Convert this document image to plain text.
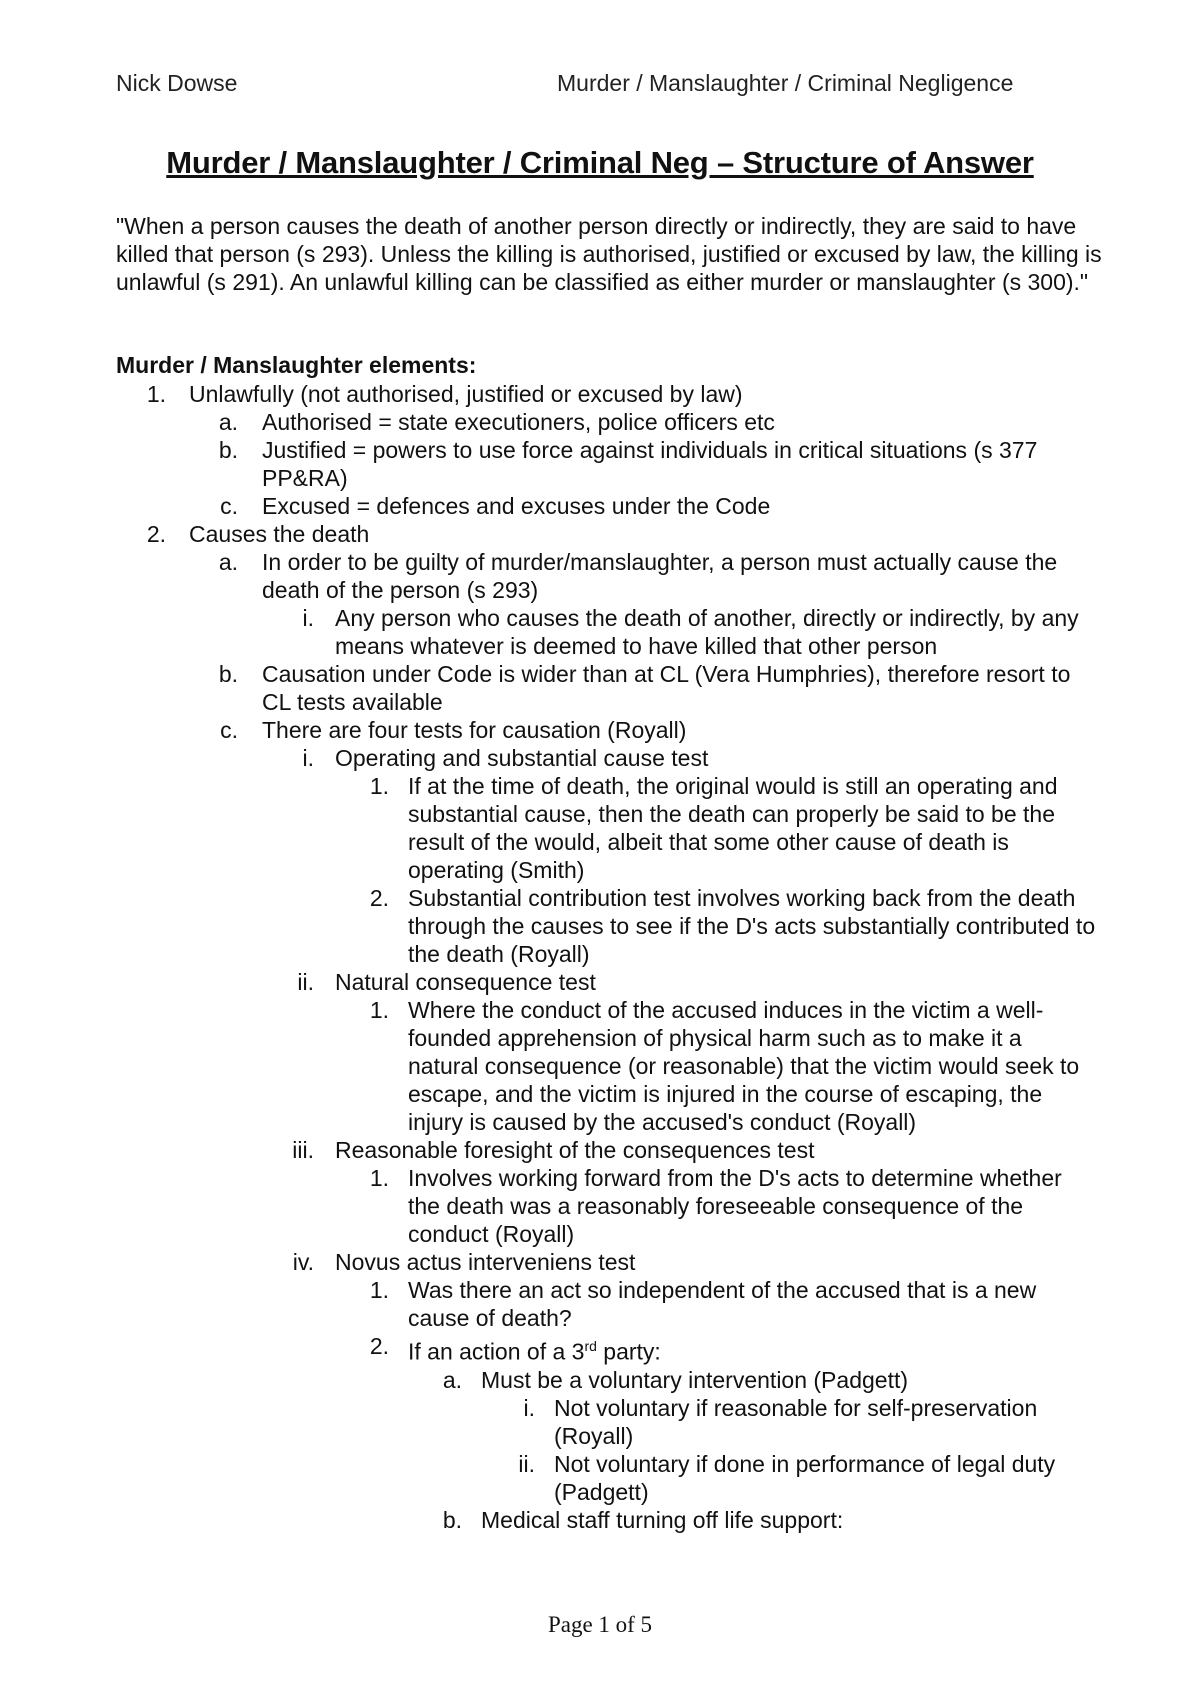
Nick Dowse	Murder / Manslaughter / Criminal Negligence
Murder / Manslaughter / Criminal Neg – Structure of Answer
"When a person causes the death of another person directly or indirectly, they are said to have killed that person (s 293). Unless the killing is authorised, justified or excused by law, the killing is unlawful (s 291). An unlawful killing can be classified as either murder or manslaughter (s 300)."
Murder / Manslaughter elements:
1. Unlawfully (not authorised, justified or excused by law)
a. Authorised = state executioners, police officers etc
b. Justified = powers to use force against individuals in critical situations (s 377 PP&RA)
c. Excused = defences and excuses under the Code
2. Causes the death
a. In order to be guilty of murder/manslaughter, a person must actually cause the death of the person (s 293)
i. Any person who causes the death of another, directly or indirectly, by any means whatever is deemed to have killed that other person
b. Causation under Code is wider than at CL (Vera Humphries), therefore resort to CL tests available
c. There are four tests for causation (Royall)
i. Operating and substantial cause test
1. If at the time of death, the original would is still an operating and substantial cause, then the death can properly be said to be the result of the would, albeit that some other cause of death is operating (Smith)
2. Substantial contribution test involves working back from the death through the causes to see if the D's acts substantially contributed to the death (Royall)
ii. Natural consequence test
1. Where the conduct of the accused induces in the victim a well-founded apprehension of physical harm such as to make it a natural consequence (or reasonable) that the victim would seek to escape, and the victim is injured in the course of escaping, the injury is caused by the accused's conduct (Royall)
iii. Reasonable foresight of the consequences test
1. Involves working forward from the D's acts to determine whether the death was a reasonably foreseeable consequence of the conduct (Royall)
iv. Novus actus interveniens test
1. Was there an act so independent of the accused that is a new cause of death?
2. If an action of a 3rd party:
a. Must be a voluntary intervention (Padgett)
i. Not voluntary if reasonable for self-preservation (Royall)
ii. Not voluntary if done in performance of legal duty (Padgett)
b. Medical staff turning off life support:
Page 1 of 5
